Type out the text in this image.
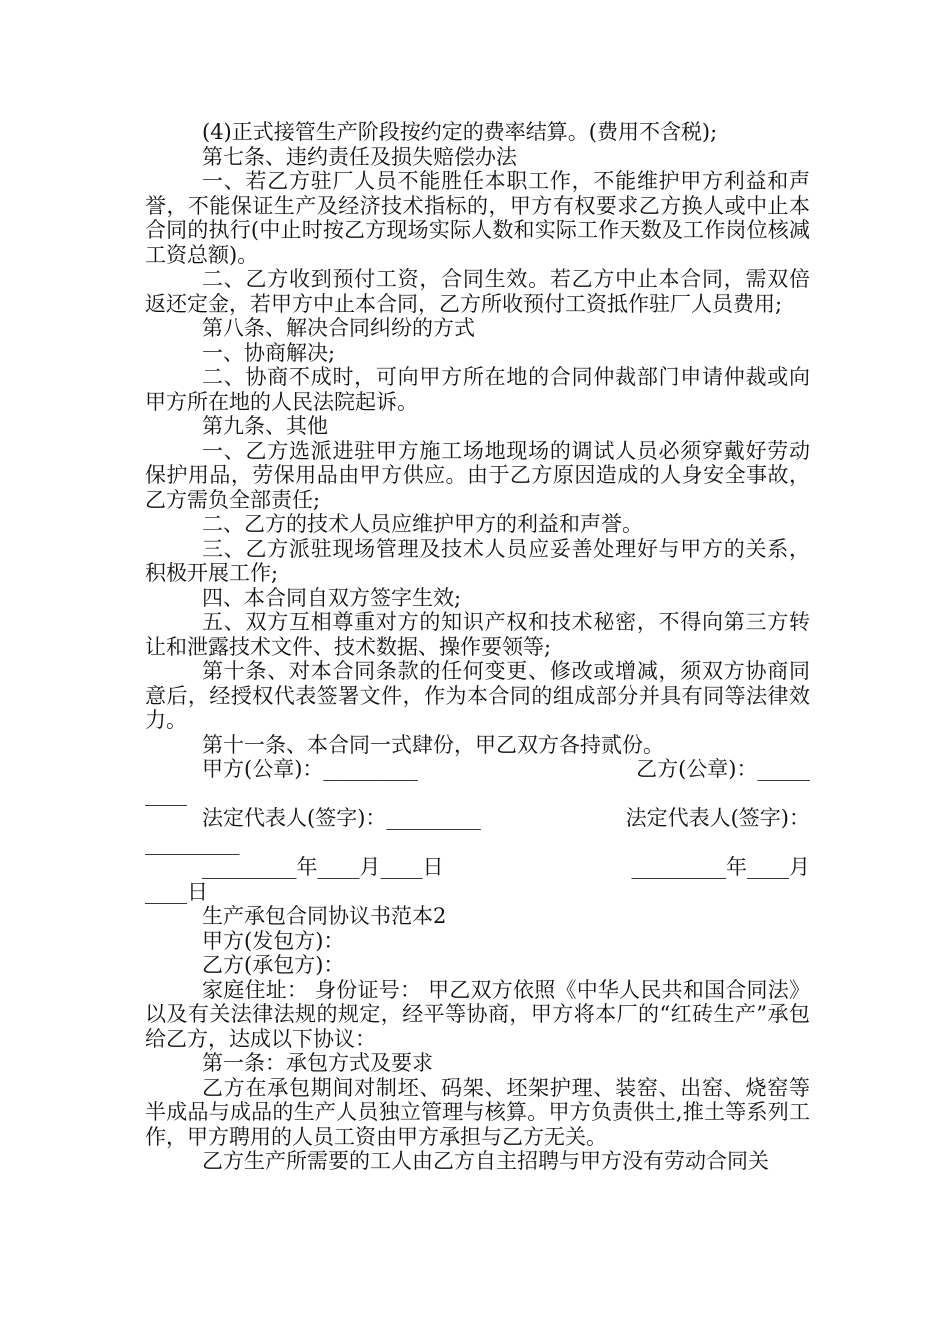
(4)正式接管生产阶段按约定的费率结算。(费用不含税);

第七条、违约责任及损失赔偿办法

一、若乙方驻厂人员不能胜任本职工作，不能维护甲方利益和声誉，不能保证生产及经济技术指标的，甲方有权要求乙方换人或中止本合同的执行(中止时按乙方现场实际人数和实际工作天数及工作岗位核减工资总额)。

二、乙方收到预付工资，合同生效。若乙方中止本合同，需双倍返还定金，若甲方中止本合同，乙方所收预付工资抵作驻厂人员费用;

第八条、解决合同纠纷的方式

一、协商解决;

二、协商不成时，可向甲方所在地的合同仲裁部门申请仲裁或向甲方所在地的人民法院起诉。

第九条、其他

一、乙方选派进驻甲方施工场地现场的调试人员必须穿戴好劳动保护用品，劳保用品由甲方供应。由于乙方原因造成的人身安全事故，乙方需负全部责任;

二、乙方的技术人员应维护甲方的利益和声誉。

三、乙方派驻现场管理及技术人员应妥善处理好与甲方的关系，积极开展工作;

四、本合同自双方签字生效;

五、双方互相尊重对方的知识产权和技术秘密，不得向第三方转让和泄露技术文件、技术数据、操作要领等;

第十条、对本合同条款的任何变更、修改或增减，须双方协商同意后，经授权代表签署文件，作为本合同的组成部分并具有同等法律效力。

第十一条、本合同一式肆份，甲乙双方各持贰份。

甲方(公章)：_________	乙方(公章)：_____

____

法定代表人(签字)：_________	法定代表人(签字)：

_________

_________年____月____日	_________年____月

____日

生产承包合同协议书范本2

甲方(发包方)：

乙方(承包方)：

家庭住址： 身份证号： 甲乙双方依照《中华人民共和国合同法》以及有关法律法规的规定，经平等协商，甲方将本厂的“红砖生产”承包给乙方，达成以下协议：

第一条：承包方式及要求

乙方在承包期间对制坯、码架、坯架护理、装窑、出窑、烧窑等半成品与成品的生产人员独立管理与核算。甲方负责供土,推土等系列工作，甲方聘用的人员工资由甲方承担与乙方无关。

乙方生产所需要的工人由乙方自主招聘与甲方没有劳动合同关
